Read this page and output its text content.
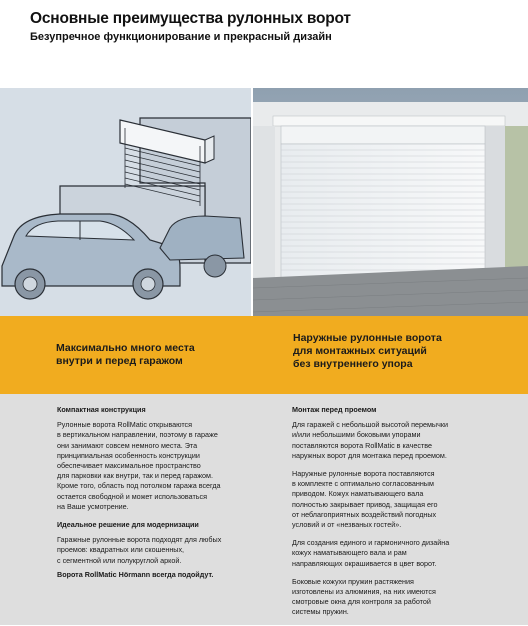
Основные преимущества рулонных ворот
Безупречное функционирование и прекрасный дизайн
Максимально много места
внутри и перед гаражом
Наружные рулонные ворота
для монтажных ситуаций
без внутреннего упора
Компактная конструкция

Рулонные ворота RollMatic открываются
в вертикальном направлении, поэтому в гараже
они занимают совсем немного места. Эта
принципиальная особенность конструкции
обеспечивает максимальное пространство
для парковки как внутри, так и перед гаражом.
Кроме того, область под потолком гаража всегда
остается свободной и может использоваться
на Ваше усмотрение.

Идеальное решение для модернизации

Гаражные рулонные ворота подходят для любых
проемов: квадратных или скошенных,
с сегментной или полукруглой аркой.

Ворота RollMatic Hörmann всегда подойдут.

Монтаж перед проемом

Для гаражей с небольшой высотой перемычки
и/или небольшими боковыми упорами
поставляются ворота RollMatic в качестве
наружных ворот для монтажа перед проемом.

Наружные рулонные ворота поставляются
в комплекте с оптимально согласованным
приводом. Кожух наматывающего вала
полностью закрывает привод, защищая его
от неблагоприятных воздействий погодных
условий и от «незваных гостей».

Для создания единого и гармоничного дизайна
кожух наматывающего вала и рам
направляющих окрашивается в цвет ворот.

Боковые кожухи пружин растяжения
изготовлены из алюминия, на них имеются
смотровые окна для контроля за работой
системы пружин.
